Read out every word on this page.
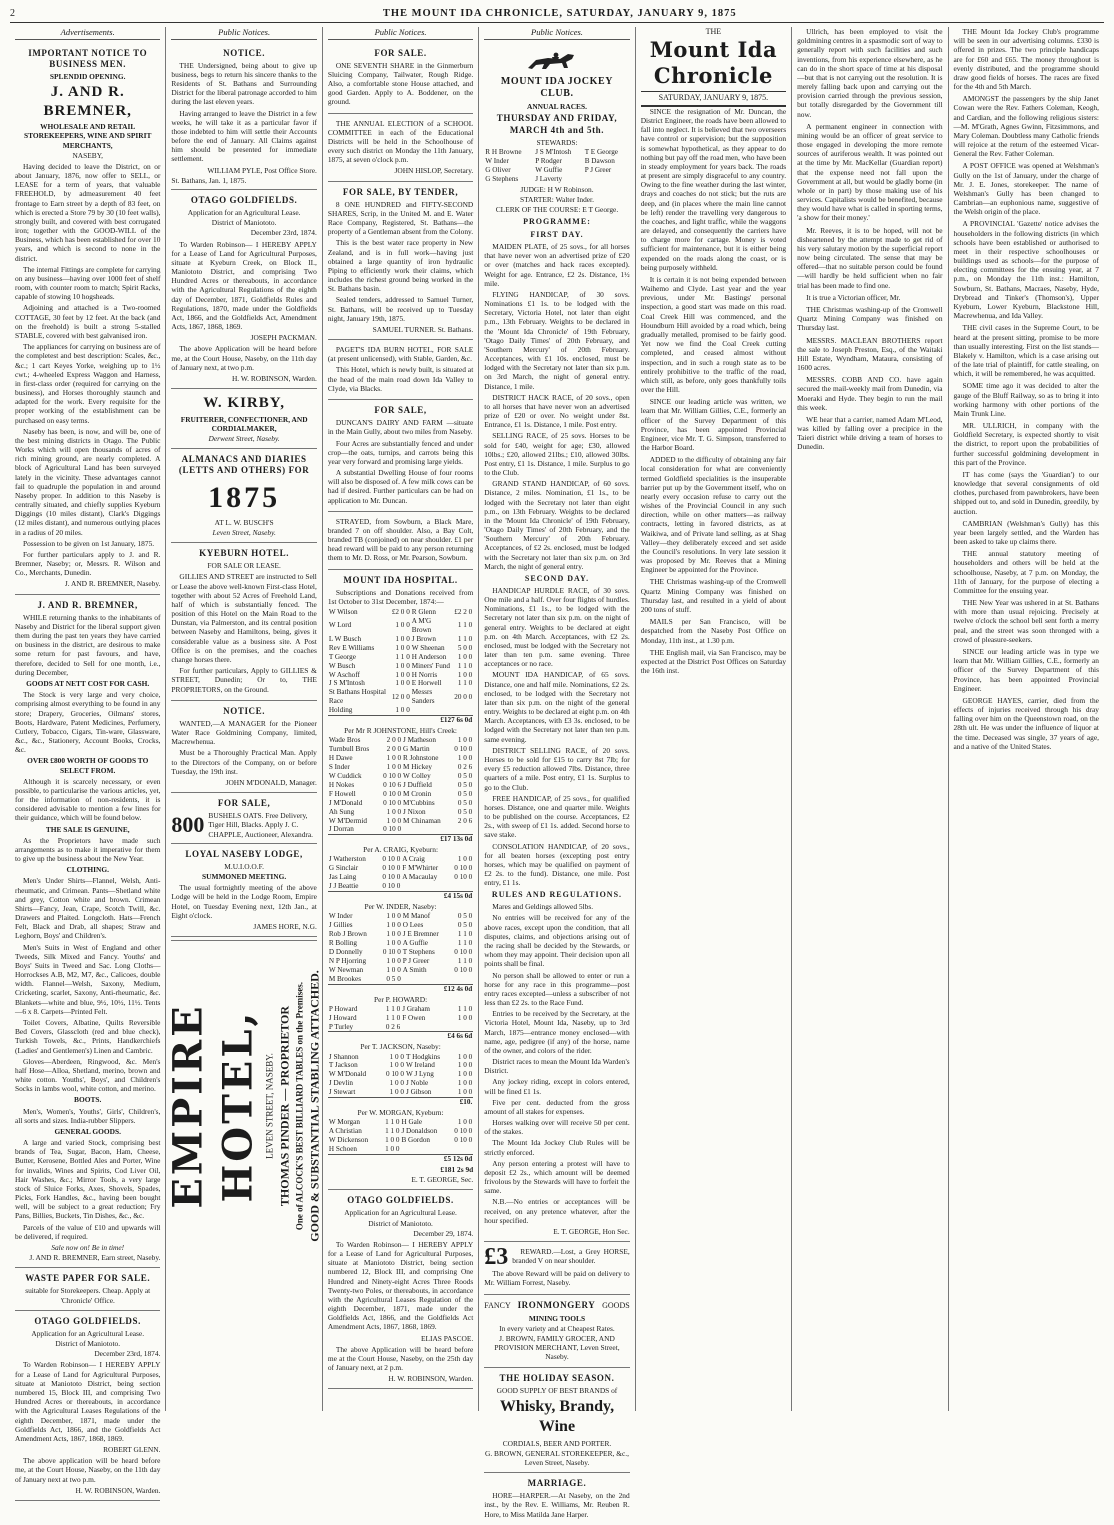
2	THE MOUNT IDA CHRONICLE, SATURDAY, JANUARY 9, 1875
Advertisements.
IMPORTANT NOTICE TO BUSINESS MEN.
SPLENDID OPENING.
J. AND R. BREMNER,
WHOLESALE AND RETAIL STOREKEEPERS, WINE AND SPIRIT MERCHANTS,
NASEBY,

Having decided to leave the District, on or about January, 1876, now offer to SELL, or LEASE for a term of years, that valuable FREEHOLD, by admeasurement 40 feet frontage to Earn street by a depth of 83 feet, on which is erected a Store 79 by 30 (10 feet walls), strongly built, and covered with best corrugated iron; together with the GOOD-WILL of the Business, which has been established for over 10 years, and which is second to none in the district.

The internal Fittings are complete for carrying on any business—having over 1000 feet of shelf room, with counter room to match; Spirit Racks, capable of stowing 10 hogsheads.

Adjoining and attached is a Two-roomed COTTAGE, 30 feet by 12 feet. At the back (and on the freehold) is built a strong 5-stalled STABLE, covered with best galvanised iron.

The appliances for carrying on business are of the completest and best description: Scales, &c., &c.; 1 cart Keyes Yorke, weighing up to 1½ cwt.; 4-wheeled Express Waggon and Harness, in first-class order (required for carrying on the business), and Horses thoroughly staunch and adapted for the work. Every requisite for the proper working of the establishment can be purchased on easy terms.

Naseby has been, is now, and will be, one of the best mining districts in Otago. The Public Works which will open thousands of acres of rich mining ground, are nearly completed. A block of Agricultural Land has been surveyed lately in the vicinity. These advantages cannot fail to quadruple the population in and around Naseby proper. In addition to this Naseby is centrally situated, and chiefly supplies Kyeburn Diggings (10 miles distant), Clark's Diggings (12 miles distant), and numerous outlying places in a radius of 20 miles.

Possession to be given on 1st January, 1875.

For further particulars apply to J. and R. Bremner, Naseby; or, Messrs. R. Wilson and Co., Merchants, Dunedin.

J. AND R. BREMNER, Naseby.
J. AND R. BREMNER,

WHILE returning thanks to the inhabitants of Naseby and District for the liberal support given them during the past ten years they have carried on business in the district, are desirous to make some return for past favours, and have, therefore, decided to Sell for one month, i.e., during December,

GOODS AT NETT COST FOR CASH.

The Stock is very large and very choice, comprising almost everything to be found in any store; Drapery, Groceries, Oilmans' stores, Boots, Hardware, Patent Medicines, Perfumery, Cutlery, Tobacco, Cigars, Tin-ware, Glassware, &c., &c., Stationery, Account Books, Crocks, &c.

OVER £800 WORTH OF GOODS TO SELECT FROM.

Although it is scarcely necessary, or even possible, to particularise the various articles, yet, for the information of non-residents, it is considered advisable to mention a few lines for their guidance, which will be found below.

THE SALE IS GENUINE,

As the Proprietors have made such arrangements as to make it imperative for them to give up the business about the New Year.

CLOTHING.

Men's Under Shirts—Flannel, Welsh, Anti-rheumatic, and Crimean. Pants—Shetland white and grey, Cotton white and brown. Crimean Shirts—Fancy, Jean, Crape, Scotch Twill, &c. Drawers and Plaited. Longcloth. Hats—French Felt, Black and Drab, all shapes; Straw and Leghorn, Boys' and Children's.

Men's Suits in West of England and other Tweeds, Silk Mixed and Fancy. Youths' and Boys' Suits in Tweed and Sac. Long Cloths—Horrockses A.B, M2, M7, &c., Calicoes, double width. Flannel—Welsh, Saxony, Medium, Cricketing, scarlet, Saxony, Anti-rheumatic, &c. Blankets—white and blue, 9½, 10½, 11½. Tents—6 x 8. Carpets—Printed Felt.

Toilet Covers, Albatine, Quilts Reversible Bed Covers, Glasscloth (red and blue check), Turkish Towels, &c., Prints, Handkerchiefs (Ladies' and Gentlemen's) Linen and Cambric.

Gloves—Aberdeen, Ringwood, &c. Men's half Hose—Alloa, Shetland, merino, brown and white cotton. Youths', Boys', and Children's Socks in lambs wool, white cotton, and merino.

BOOTS.

Men's, Women's, Youths', Girls', Children's, all sorts and sizes. India-rubber Slippers.

GENERAL GOODS.

A large and varied Stock, comprising best brands of Tea, Sugar, Bacon, Ham, Cheese, Butter, Kerosene, Bottled Ales and Porter, Wine for invalids, Wines and Spirits, Cod Liver Oil, Hair Washes, &c.; Mirror Tools, a very large stock of Sluice Forks, Axes, Shovels, Spades, Picks, Fork Handles, &c., having been bought well, will be subject to a great reduction; Fry Pans, Billies, Buckets, Tin Dishes, &c., &c.

Parcels of the value of £10 and upwards will be delivered, if required.

Sale now on! Be in time!
J. AND R. BREMNER, Earn street, Naseby.
WASTE PAPER FOR SALE.
suitable for Storekeepers. Cheap. Apply at 'Chronicle' Office.
OTAGO GOLDFIELDS.
Application for an Agricultural Lease.
District of Maniototo.
December 23rd, 1874.

To Warden Robinson— I HEREBY APPLY for a Lease of Land for Agricultural Purposes, situate at Maniototo District, being section numbered 15, Block III, and comprising Two Hundred Acres or thereabouts, in accordance with the Agricultural Leases Regulations of the eighth December, 1871, made under the Goldfields Act, 1866, and the Goldfields Act Amendment Acts, 1867, 1868, 1869.

ROBERT GLENN.

The above application will be heard before me, at the Court House, Naseby, on the 11th day of January next at two p.m.

H. W. ROBINSON, Warden.
Public Notices.
NOTICE.

THE Undersigned, being about to give up business, begs to return his sincere thanks to the Residents of St. Bathans and Surrounding District for the liberal patronage accorded to him during the last eleven years.

Having arranged to leave the District in a few weeks, he will take it as a particular favor if those indebted to him will settle their Accounts before the end of January. All Claims against him should be presented for immediate settlement.

WILLIAM PYLE, Post Office Store.
St. Bathans, Jan. 1, 1875.
OTAGO GOLDFIELDS.
Application for an Agricultural Lease.
District of Maniototo.
December 23rd, 1874.

To Warden Robinson— I HEREBY APPLY for a Lease of Land for Agricultural Purposes, situate at Kyeburn Creek, on Block II., Maniototo District, and comprising Two Hundred Acres or thereabouts, in accordance with the Agricultural Regulations of the eighth day of December, 1871, Goldfields Rules and Regulations, 1870, made under the Goldfields Act, 1866, and the Goldfields Act, Amendment Acts, 1867, 1868, 1869.

JOSEPH PACKMAN.

The above Application will be heard before me, at the Court House, Naseby, on the 11th day of January next, at two p.m.

H. W. ROBINSON, Warden.
W. KIRBY,
FRUITERER, CONFECTIONER, AND CORDIALMAKER,
Derwent Street, Naseby.
ALMANACS AND DIARIES (LETTS AND OTHERS) FOR
1875
AT L. W. BUSCH'S
Leven Street, Naseby.
KYEBURN HOTEL.
FOR SALE OR LEASE.

GILLIES AND STREET are instructed to Sell or Lease the above well-known First-class Hotel, together with about 52 Acres of Freehold Land, half of which is substantially fenced. The position of this Hotel on the Main Road to the Dunstan, via Palmerston, and its central position between Naseby and Hamiltons, being, gives it considerable value as a business site. A Post Office is on the premises, and the coaches change horses there.

For further particulars, Apply to GILLIES & STREET, Dunedin; Or to, THE PROPRIETORS, on the Ground.

NOTICE.

WANTED,—A MANAGER for the Pioneer Water Race Goldmining Company, limited, Macrewhenua.

Must be a Thoroughly Practical Man. Apply to the Directors of the Company, on or before Tuesday, the 19th inst.

JOHN M'DONALD, Manager.
FOR SALE,
800 BUSHELS OATS. Free Delivery, Tiger Hill, Blacks. Apply J. C. CHAPPLE, Auctioneer, Alexandra.
LOYAL NASEBY LODGE,
M.U.I.O.O.F.
SUMMONED MEETING.

The usual fortnightly meeting of the above Lodge will be held in the Lodge Room, Empire Hotel, on Tuesday Evening next, 12th Jan., at Eight o'clock.

JAMES HORE, N.G.
EMPIRE HOTEL, LEVEN STREET, NASEBY. THOMAS PINDER — PROPRIETOR One of ALCOCK'S BEST BILLIARD TABLES on the Premises. GOOD & SUBSTANTIAL STABLING ATTACHED.
Public Notices.
FOR SALE.

ONE SEVENTH SHARE in the Ginmerburn Sluicing Company, Tailwater, Rough Ridge. Also, a comfortable stone House attached, and good Garden. Apply to A. Boddener, on the ground.

THE ANNUAL ELECTION of a SCHOOL COMMITTEE in each of the Educational Districts will be held in the Schoolhouse of every such district on Monday the 11th January, 1875, at seven o'clock p.m.

JOHN HISLOP, Secretary.
FOR SALE, BY TENDER,

8 ONE HUNDRED and FIFTY-SECOND SHARES, Scrip, in the United M. and E. Water Race Company, Registered, St. Bathans—the property of a Gentleman absent from the Colony.

This is the best water race property in New Zealand, and is in full work—having just obtained a large quantity of iron hydraulic Piping to efficiently work their claims, which includes the richest ground being worked in the St. Bathans basin.

Sealed tenders, addressed to Samuel Turner, St. Bathans, will be received up to Tuesday night, January 19th, 1875.

SAMUEL TURNER. St. Bathans.

PAGET'S IDA BURN HOTEL, FOR SALE (at present unlicensed), with Stable, Garden, &c.

This Hotel, which is newly built, is situated at the head of the main road down Ida Valley to Clyde, via Blacks.

FOR SALE,

DUNCAN'S DAIRY AND FARM —situate in the Main Gully, about two miles from Naseby.

Four Acres are substantially fenced and under crop—the oats, turnips, and carrots being this year very forward and promising large yields.

A substantial Dwelling House of four rooms will also be disposed of. A few milk cows can be had if desired. Further particulars can be had on application to Mr. Duncan.

STRAYED, from Sowburn, a Black Mare, branded 7 on off shoulder. Also, a Bay Colt, branded TB (conjoined) on near shoulder. £1 per head reward will be paid to any person returning them to Mr. D. Ross, or Mr. Pearson, Sowburn.

MOUNT IDA HOSPITAL.

Subscriptions and Donations received from 1st October to 31st December, 1874:—

W Wilson	£2 0 0	R Glenn	£2 2 0
W Lord	1 0 0	A M'G Brown	1 1 0
L W Busch	1 0 0	J Brown	1 1 0
Rev E Williams	1 0 0	W Sheenan	5 0 0
T George	1 1 0	H Anderson	1 0 0
W Busch	1 0 0	Miners' Fund	1 1 0
W Aschoff	1 0 0	H Norris	1 0 0
J S M'Intosh	1 0 0	E Horwell	1 1 0
St Bathans Hospital Race	12 0 0	Messrs Sanders	20 0 0
Holding	1 0 0		
£127 6s 0d			
Per Mr R JOHNSTONE, Hill's Creek:
Wade Bros	2 0 0	J Matheson	1 0 0
Turnbull Bros	2 0 0	G Martin	0 10 0
H Dawe	1 0 0	R Johnstone	1 0 0
S Inder	1 0 0	M Hickey	0 2 6
W Cuddick	0 10 0	W Colley	0 5 0
H Nokes	0 10 6	J Duffield	0 5 0
F Howell	0 10 0	M Cronin	0 5 0
J M'Donald	0 10 0	M'Cubbins	0 5 0
Ah Sung	1 0 0	J Nixon	0 5 0
W M'Dermid	1 0 0	M Chinaman	2 0 6
J Dorran	0 10 0		
£17 13s 0d			
Per A. CRAIG, Kyeburn:
J Watherston	0 10 0	A Craig	1 0 0
G Sinclair	0 10 0	F M'Whirter	0 10 0
Jas Laing	0 10 0	A Macaulay	0 10 0
J J Beattie	0 10 0		
£4 15s 0d			
Per W. INDER, Naseby:
W Inder	1 0 0	M Manof	0 5 0
J Gillies	1 0 0	O Lees	0 5 0
Rob J Brown	1 0 0	J E Bremner	1 1 0
R Bolling	1 0 0	A Guffie	1 1 0
D Donnelly	0 10 0	T Stephens	0 10 0
N P Hjorring	1 0 0	P J Greer	1 1 0
W Newman	1 0 0	A Smith	0 10 0
M Brookes	0 5 0		
£12 4s 0d			
Per P. HOWARD:
P Howard	1 1 0	J Graham	1 1 0
J Howard	1 1 0	F Owen	1 0 0
P Turley	0 2 6		
£4 6s 6d			
Per T. JACKSON, Naseby:
J Shannon	1 0 0	T Hodgkins	1 0 0
T Jackson	1 0 0	W Ireland	1 0 0
W M'Donald	0 10 0	W J Lyng	1 0 0
J Devlin	1 0 0	J Noble	1 0 0
J Stewart	1 0 0	J Gibson	1 0 0
£10.			
Per W. MORGAN, Kyeburn:
W Morgan	1 1 0	H Gale	1 0 0
A Christian	1 1 0	J Donaldson	0 10 0
W Dickenson	1 0 0	B Gordon	0 10 0
H Schoen	1 0 0		
£5 12s 0d			
£181 2s 9d
E. T. GEORGE, Sec.
OTAGO GOLDFIELDS.
Application for an Agricultural Lease.
District of Maniototo.
December 29, 1874.

To Warden Robinson— I HEREBY APPLY for a Lease of Land for Agricultural Purposes, situate at Maniototo District, being section numbered 12, Block III, and comprising One Hundred and Ninety-eight Acres Three Roods Twenty-two Poles, or thereabouts, in accordance with the Agricultural Leases Regulation of the eighth December, 1871, made under the Goldfields Act, 1866, and the Goldfields Act Amendment Acts, 1867, 1868, 1869.

ELIAS PASCOE.

The above Application will be heard before me at the Court House, Naseby, on the 25th day of January next, at 2 p.m.

H. W. ROBINSON, Warden.
Public Notices.
MOUNT IDA JOCKEY CLUB.
ANNUAL RACES.
THURSDAY AND FRIDAY, MARCH 4th and 5th.
STEWARDS:
R H Browne	J S M'Intosh	T E George
W Inder	P Rodger	B Dawson
G Oliver	W Guffie	P J Greer
G Stephens	J Laverty	
JUDGE: H W Robinson.
STARTER: Walter Inder.
CLERK OF THE COURSE: E T George.
PROGRAMME:
FIRST DAY.

MAIDEN PLATE, of 25 sovs., for all horses that have never won an advertised prize of £20 or over (matches and hack races excepted). Weight for age. Entrance, £2 2s. Distance, 1½ mile.

FLYING HANDICAP, of 30 sovs. Nominations £1 1s. to be lodged with the Secretary, Victoria Hotel, not later than eight p.m., 13th February. Weights to be declared in the 'Mount Ida Chronicle' of 19th February, 'Otago Daily Times' of 20th February, and 'Southern Mercury' of 20th February. Acceptances, with £1 10s. enclosed, must be lodged with the Secretary not later than six p.m. on 3rd March, the night of general entry. Distance, 1 mile.

DISTRICT HACK RACE, of 20 sovs., open to all horses that have never won an advertised prize of £20 or over. No weight under 8st. Entrance, £1 1s. Distance, 1 mile. Post entry.

SELLING RACE, of 25 sovs. Horses to be sold for £40, weight for age; £30, allowed 10lbs.; £20, allowed 21lbs.; £10, allowed 30lbs. Post entry, £1 1s. Distance, 1 mile. Surplus to go to the Club.

GRAND STAND HANDICAP, of 60 sovs. Distance, 2 miles. Nomination, £1 1s., to be lodged with the Secretary not later than eight p.m., on 13th February. Weights to be declared in the 'Mount Ida Chronicle' of 19th February, 'Otago Daily Times' of 20th February, and the 'Southern Mercury' of 20th February. Acceptances, of £2 2s. enclosed, must be lodged with the Secretary not later than six p.m. on 3rd March, the night of general entry.

SECOND DAY.

HANDICAP HURDLE RACE, of 30 sovs. One mile and a half. Over four flights of hurdles. Nominations, £1 1s., to be lodged with the Secretary not later than six p.m. on the night of general entry. Weights to be declared at eight p.m. on 4th March. Acceptances, with £2 2s. enclosed, must be lodged with the Secretary not later than ten p.m. same evening. Three acceptances or no race.

MOUNT IDA HANDICAP, of 65 sovs. Distance, one and half mile. Nominations, £2 2s. enclosed, to be lodged with the Secretary not later than six p.m. on the night of the general entry. Weights to be declared at eight p.m. on 4th March. Acceptances, with £3 3s. enclosed, to be lodged with the Secretary not later than ten p.m. same evening.

DISTRICT SELLING RACE, of 20 sovs. Horses to be sold for £15 to carry 8st 7lb; for every £5 reduction allowed 7lbs. Distance, three quarters of a mile. Post entry, £1 1s. Surplus to go to the Club.

FREE HANDICAP, of 25 sovs., for qualified horses. Distance, one and quarter mile. Weights to be published on the course. Acceptances, £2 2s., with sweep of £1 1s. added. Second horse to save stake.

CONSOLATION HANDICAP, of 20 sovs., for all beaten horses (excepting post entry horses, which may be qualified on payment of £2 2s. to the fund). Distance, one mile. Post entry, £1 1s.

RULES AND REGULATIONS.

Mares and Geldings allowed 5lbs.

No entries will be received for any of the above races, except upon the condition, that all disputes, claims, and objections arising out of the racing shall be decided by the Stewards, or whom they may appoint. Their decision upon all points shall be final.

No person shall be allowed to enter or run a horse for any race in this programme—post entry races excepted—unless a subscriber of not less than £2 2s. to the Race Fund.

Entries to be received by the Secretary, at the Victoria Hotel, Mount Ida, Naseby, up to 3rd March, 1875—entrance money enclosed—with name, age, pedigree (if any) of the horse, name of the owner, and colors of the rider.

District races to mean the Mount Ida Warden's District.

Any jockey riding, except in colors entered, will be fined £1 1s.

Five per cent. deducted from the gross amount of all stakes for expenses.

Horses walking over will receive 50 per cent. of the stakes.

The Mount Ida Jockey Club Rules will be strictly enforced.

Any person entering a protest will have to deposit £2 2s., which amount will be deemed frivolous by the Stewards will have to forfeit the same.

N.B.—No entries or acceptances will be received, on any pretence whatever, after the hour specified.

E. T. GEORGE, Hon Sec.
£3	REWARD.—Lost, a Grey HORSE, branded V on near shoulder.

The above Reward will be paid on delivery to Mr. William Forrest, Naseby.

FANCY IRONMONGERY GOODS
MINING TOOLS
In every variety and at Cheapest Rates.
J. BROWN, FAMILY GROCER, AND PROVISION MERCHANT, Leven Street, Naseby.
THE HOLIDAY SEASON.
GOOD SUPPLY OF BEST BRANDS of
Whisky, Brandy, Wine
CORDIALS, BEER AND PORTER.
G. BROWN, GENERAL STOREKEEPER, &c., Leven Street, Naseby.
MARRIAGE.

HORE—HARPER.—At Naseby, on the 2nd inst., by the Rev. E. Williams, Mr. Reuben R. Hore, to Miss Matilda Jane Harper.

THE
Mount Ida Chronicle
SATURDAY, JANUARY 9, 1875.

SINCE the resignation of Mr. Duncan, the District Engineer, the roads have been allowed to fall into neglect. It is believed that two overseers have control or supervision; but the supposition is somewhat hypothetical, as they appear to do nothing but pay off the road men, who have been in steady employment for years back. The roads at present are simply disgraceful to any country. Owing to the fine weather during the last winter, drays and coaches do not stick; but the ruts are deep, and (in places where the main line cannot be left) render the travelling very dangerous to the coaches, and light traffic, while the waggons are delayed, and consequently the carriers have to charge more for cartage. Money is voted sufficient for maintenance, but it is either being expended on the roads along the coast, or is being purposely withheld.

It is certain it is not being expended between Waihemo and Clyde. Last year and the year previous, under Mr. Bastings' personal inspection, a good start was made on this road. Coal Creek Hill was commenced, and the Houndburn Hill avoided by a road which, being gradually metalled, promised to be fairly good. Yet now we find the Coal Creek cutting completed, and ceased almost without inspection, and in such a rough state as to be entirely prohibitive to the traffic of the road, which still, as before, only goes thankfully toils over the Hill.

SINCE our leading article was written, we learn that Mr. William Gillies, C.E., formerly an officer of the Survey Department of this Province, has been appointed Provincial Engineer, vice Mr. T. G. Simpson, transferred to the Harbor Board.

ADDED to the difficulty of obtaining any fair local consideration for what are conveniently termed Goldfield specialities is the insuperable barrier put up by the Government itself, who on nearly every occasion refuse to carry out the wishes of the Provincial Council in any such direction, while on other matters—as railway contracts, letting in favored districts, as at Waikiwa, and of Private land selling, as at Shag Valley—they deliberately exceed and set aside the Council's resolutions. In very late session it was proposed by Mr. Reeves that a Mining Engineer be appointed for the Province.

THE Christmas washing-up of the Cromwell Quartz Mining Company was finished on Thursday last, and resulted in a yield of about 200 tons of stuff.

MAILS per San Francisco, will be despatched from the Naseby Post Office on Monday, 11th inst., at 1.30 p.m.

THE English mail, via San Francisco, may be expected at the District Post Offices on Saturday the 16th inst.

Ullrich, has been employed to visit the goldmining centres in a spasmodic sort of way to generally report with such facilities and such inventions, from his experience elsewhere, as he can do in the short space of time at his disposal—but that is not carrying out the resolution. It is merely falling back upon and carrying out the provision carried through the previous session, but totally disregarded by the Government till now.

A permanent engineer in connection with mining would be an officer of great service to those engaged in developing the more remote sources of auriferous wealth. It was pointed out at the time by Mr. MacKellar (Guardian report) that the expense need not fall upon the Government at all, but would be gladly borne (in whole or in part) by those making use of his services. Capitalists would be benefited, because they would have what is called in sporting terms, 'a show for their money.'

Mr. Reeves, it is to be hoped, will not be disheartened by the attempt made to get rid of his very salutary motion by the superficial report now being circulated. The sense that may be offered—that no suitable person could be found—will hardly be held sufficient when no fair trial has been made to find one.

It is true a Victorian officer, Mr.

THE Christmas washing-up of the Cromwell Quartz Mining Company was finished on Thursday last.

MESSRS. MACLEAN BROTHERS report the sale to Joseph Preston, Esq., of the Waitaki Hill Estate, Wyndham, Mataura, consisting of 1600 acres.

MESSRS. COBB AND CO. have again secured the mail-weekly mail from Dunedin, via Moeraki and Hyde. They begin to run the mail this week.

WE hear that a carrier, named Adam M'Leod, was killed by falling over a precipice in the Taieri district while driving a team of horses to Dunedin.

THE Mount Ida Jockey Club's programme will be seen in our advertising columns. £330 is offered in prizes. The two principle handicaps are for £60 and £65. The money throughout is evenly distributed, and the programme should draw good fields of horses. The races are fixed for the 4th and 5th March.

AMONGST the passengers by the ship Janet Cowan were the Rev. Fathers Coleman, Keogh, and Cardian, and the following religious sisters:—M. M'Grath, Agnes Gwinn, Fitzsimmons, and Mary Coleman. Doubtless many Catholic friends will rejoice at the return of the esteemed Vicar-General the Rev. Father Coleman.

A POST OFFICE was opened at Welshman's Gully on the 1st of January, under the charge of Mr. J. E. Jones, storekeeper. The name of Welshman's Gully has been changed to Cambrian—an euphonious name, suggestive of the Welsh origin of the place.

A PROVINCIAL 'Gazette' notice advises the householders in the following districts (in which schools have been established or authorised to meet in their respective schoolhouses or buildings used as schools—for the purpose of electing committees for the ensuing year, at 7 p.m., on Monday the 11th inst.: Hamilton, Sowburn, St. Bathans, Macraes, Naseby, Hyde, Drybread and Tinker's (Thomson's), Upper Kyeburn, Lower Kyeburn, Blackstone Hill, Macrewhenua, and Ida Valley.

THE civil cases in the Supreme Court, to be heard at the present sitting, promise to be more than usually interesting. First on the list stands—Blakely v. Hamilton, which is a case arising out of the late trial of plaintiff, for cattle stealing, on which, it will be remembered, he was acquitted.

SOME time ago it was decided to alter the gauge of the Bluff Railway, so as to bring it into working harmony with other portions of the Main Trunk Line.

MR. ULLRICH, in company with the Goldfield Secretary, is expected shortly to visit the district, to report upon the probabilities of further successful goldmining development in this part of the Province.

IT has come (says the 'Guardian') to our knowledge that several consignments of old clothes, purchased from pawnbrokers, have been shipped out to, and sold in Dunedin, greedily, by auction.

CAMBRIAN (Welshman's Gully) has this year been largely settled, and the Warden has been asked to take up claims there.

THE annual statutory meeting of householders and others will be held at the schoolhouse, Naseby, at 7 p.m. on Monday, the 11th of January, for the purpose of electing a Committee for the ensuing year.

THE New Year was ushered in at St. Bathans with more than usual rejoicing. Precisely at twelve o'clock the school bell sent forth a merry peal, and the street was soon thronged with a crowd of pleasure-seekers.

SINCE our leading article was in type we learn that Mr. William Gillies, C.E., formerly an officer of the Survey Department of this Province, has been appointed Provincial Engineer.

GEORGE HAYES, carrier, died from the effects of injuries received through his dray falling over him on the Queenstown road, on the 28th ult. He was under the influence of liquor at the time. Deceased was single, 37 years of age, and a native of the United States.
